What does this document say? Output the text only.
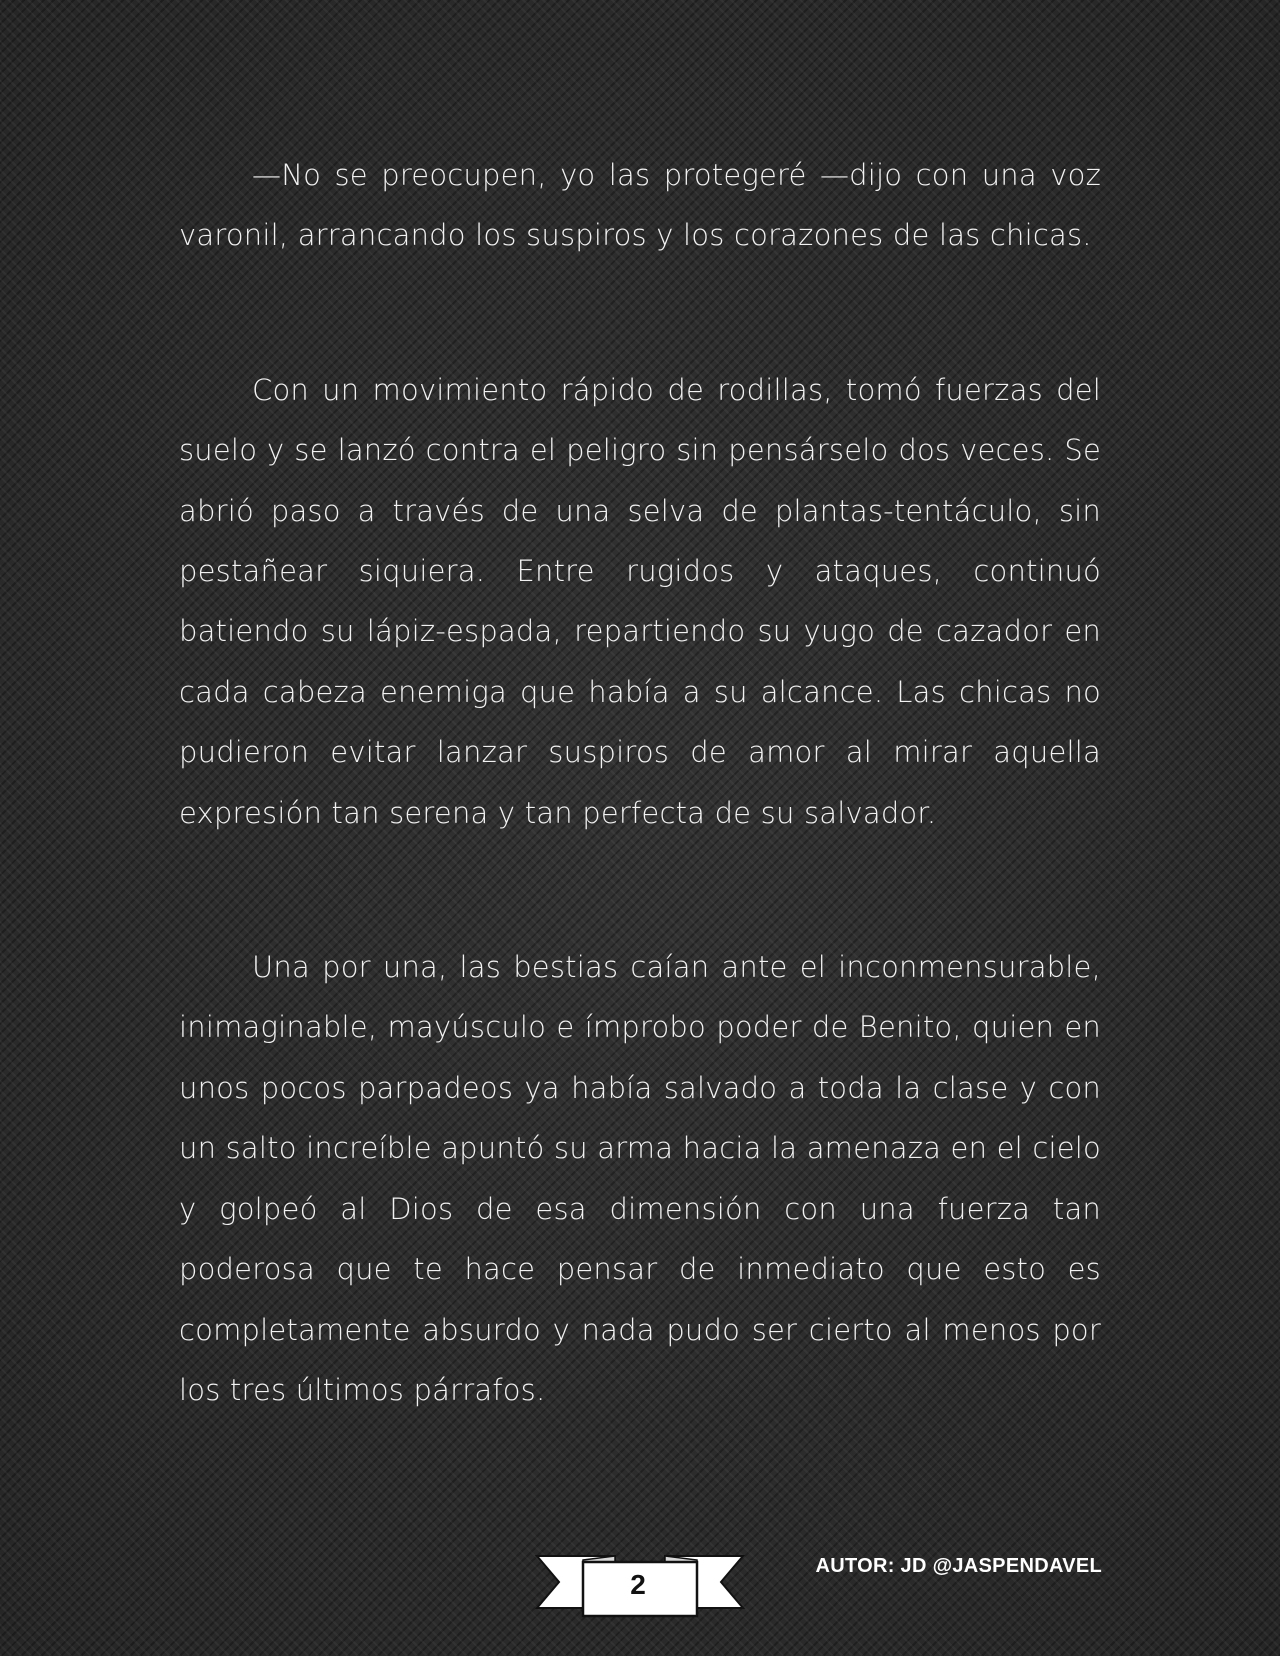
—No se preocupen, yo las protegeré —dijo con una voz varonil, arrancando los suspiros y los corazones de las chicas.

Con un movimiento rápido de rodillas, tomó fuerzas del suelo y se lanzó contra el peligro sin pensárselo dos veces. Se abrió paso a través de una selva de plantas-tentáculo, sin pestañear siquiera. Entre rugidos y ataques, continuó batiendo su lápiz-espada, repartiendo su yugo de cazador en cada cabeza enemiga que había a su alcance. Las chicas no pudieron evitar lanzar suspiros de amor al mirar aquella expresión tan serena y tan perfecta de su salvador.

Una por una, las bestias caían ante el inconmensurable, inimaginable, mayúsculo e ímprobo poder de Benito, quien en unos pocos parpadeos ya había salvado a toda la clase y con un salto increíble apuntó su arma hacia la amenaza en el cielo y golpeó al Dios de esa dimensión con una fuerza tan poderosa que te hace pensar de inmediato que esto es completamente absurdo y nada pudo ser cierto al menos por los tres últimos párrafos.

2
AUTOR: JD @JASPENDAVEL
